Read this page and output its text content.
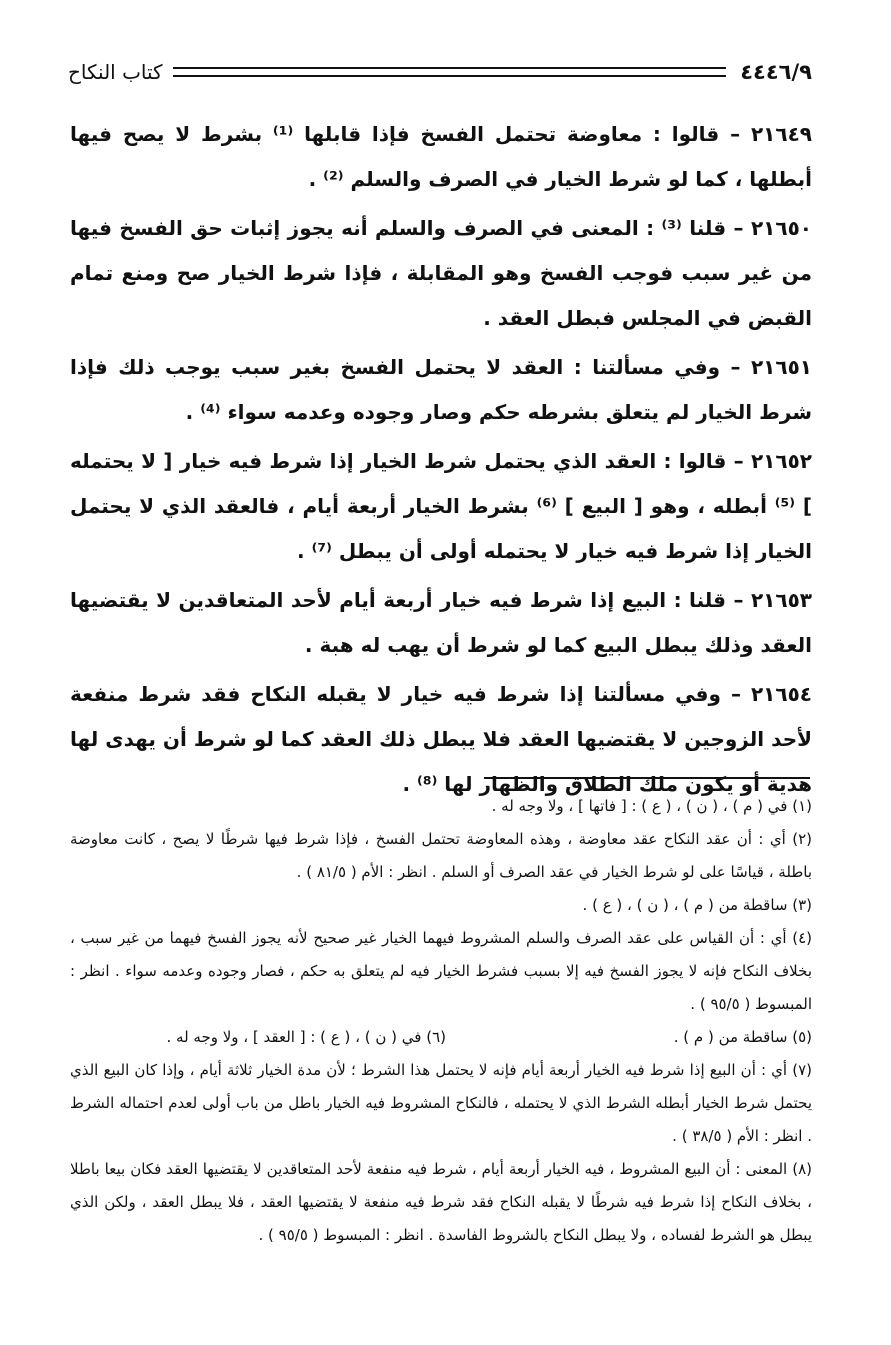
٤٤٤٦/٩
كتاب النكاح

٢١٦٤٩ – قالوا : معاوضة تحتمل الفسخ فإذا قابلها ⁽¹⁾ بشرط لا يصح فيها أبطلها ، كما لو شرط الخيار في الصرف والسلم ⁽²⁾ .

٢١٦٥٠ – قلنا ⁽³⁾ : المعنى في الصرف والسلم أنه يجوز إثبات حق الفسخ فيها من غير سبب فوجب الفسخ وهو المقابلة ، فإذا شرط الخيار صح ومنع تمام القبض في المجلس فبطل العقد .

٢١٦٥١ – وفي مسألتنا : العقد لا يحتمل الفسخ بغير سبب يوجب ذلك فإذا شرط الخيار لم يتعلق بشرطه حكم وصار وجوده وعدمه سواء ⁽⁴⁾ .

٢١٦٥٢ – قالوا : العقد الذي يحتمل شرط الخيار إذا شرط فيه خيار [ لا يحتمله ] ⁽⁵⁾ أبطله ، وهو [ البيع ] ⁽⁶⁾ بشرط الخيار أربعة أيام ، فالعقد الذي لا يحتمل الخيار إذا شرط فيه خيار لا يحتمله أولى أن يبطل ⁽⁷⁾ .

٢١٦٥٣ – قلنا : البيع إذا شرط فيه خيار أربعة أيام لأحد المتعاقدين لا يقتضيها العقد وذلك يبطل البيع كما لو شرط أن يهب له هبة .

٢١٦٥٤ – وفي مسألتنا إذا شرط فيه خيار لا يقبله النكاح فقد شرط منفعة لأحد الزوجين لا يقتضيها العقد فلا يبطل ذلك العقد كما لو شرط أن يهدى لها هدية أو يكون ملك الطلاق والظهار لها ⁽⁸⁾ .

(١) في ( م ) ، ( ن ) ، ( ع ) : [ فاتها ] ، ولا وجه له .

(٢) أي : أن عقد النكاح عقد معاوضة ، وهذه المعاوضة تحتمل الفسخ ، فإذا شرط فيها شرطًا لا يصح ، كانت معاوضة باطلة ، قياسًا على لو شرط الخيار في عقد الصرف أو السلم . انظر : الأم ( ٨١/٥ ) .

(٣) ساقطة من ( م ) ، ( ن ) ، ( ع ) .

(٤) أي : أن القياس على عقد الصرف والسلم المشروط فيهما الخيار غير صحيح لأنه يجوز الفسخ فيهما من غير سبب ، بخلاف النكاح فإنه لا يجوز الفسخ فيه إلا بسبب فشرط الخيار فيه لم يتعلق به حكم ، فصار وجوده وعدمه سواء . انظر : المبسوط ( ٩٥/٥ ) .

(٥) ساقطة من ( م ) .
(٦) في ( ن ) ، ( ع ) : [ العقد ] ، ولا وجه له .

(٧) أي : أن البيع إذا شرط فيه الخيار أربعة أيام فإنه لا يحتمل هذا الشرط ؛ لأن مدة الخيار ثلاثة أيام ، وإذا كان البيع الذي يحتمل شرط الخيار أبطله الشرط الذي لا يحتمله ، فالنكاح المشروط فيه الخيار باطل من باب أولى لعدم احتماله الشرط . انظر : الأم ( ٣٨/٥ ) .

(٨) المعنى : أن البيع المشروط ، فيه الخيار أربعة أيام ، شرط فيه منفعة لأحد المتعاقدين لا يقتضيها العقد فكان بيعا باطلا ، بخلاف النكاح إذا شرط فيه شرطًا لا يقبله النكاح فقد شرط فيه منفعة لا يقتضيها العقد ، فلا يبطل العقد ، ولكن الذي يبطل هو الشرط لفساده ، ولا يبطل النكاح بالشروط الفاسدة . انظر : المبسوط ( ٩٥/٥ ) .
